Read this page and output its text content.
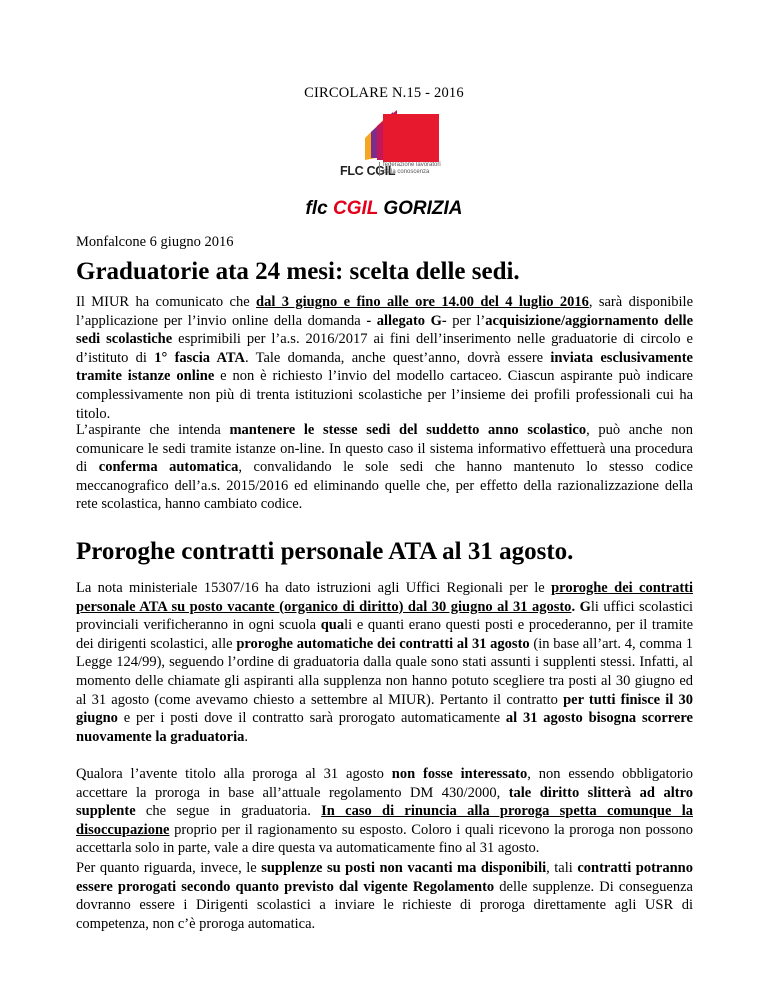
CIRCOLARE N.15 - 2016
FLC CGIL
federazione lavoratori
della conoscenza
flc CGIL GORIZIA
Monfalcone 6 giugno 2016
Graduatorie ata 24 mesi: scelta delle sedi.

Il MIUR ha comunicato che dal 3 giugno e fino alle ore 14.00 del 4 luglio 2016, sarà disponibile l’applicazione per l’invio online della domanda - allegato G- per l’acquisizione/aggiornamento delle sedi scolastiche esprimibili per l’a.s. 2016/2017 ai fini dell’inserimento nelle graduatorie di circolo e d’istituto di 1° fascia ATA. Tale domanda, anche quest’anno, dovrà essere inviata esclusivamente tramite istanze online e non è richiesto l’invio del modello cartaceo. Ciascun aspirante può indicare complessivamente non più di trenta istituzioni scolastiche per l’insieme dei profili professionali cui ha titolo.

L’aspirante che intenda mantenere le stesse sedi del suddetto anno scolastico, può anche non comunicare le sedi tramite istanze on-line. In questo caso il sistema informativo effettuerà una procedura di conferma automatica, convalidando le sole sedi che hanno mantenuto lo stesso codice meccanografico dell’a.s. 2015/2016 ed eliminando quelle che, per effetto della razionalizzazione della rete scolastica, hanno cambiato codice.

Proroghe contratti personale ATA al 31 agosto.

La nota ministeriale 15307/16 ha dato istruzioni agli Uffici Regionali per le proroghe dei contratti personale ATA su posto vacante (organico di diritto) dal 30 giugno al 31 agosto. Gli uffici scolastici provinciali verificheranno in ogni scuola quali e quanti erano questi posti e procederanno, per il tramite dei dirigenti scolastici, alle proroghe automatiche dei contratti al 31 agosto (in base all’art. 4, comma 1 Legge 124/99), seguendo l’ordine di graduatoria dalla quale sono stati assunti i supplenti stessi. Infatti, al momento delle chiamate gli aspiranti alla supplenza non hanno potuto scegliere tra posti al 30 giugno ed al 31 agosto (come avevamo chiesto a settembre al MIUR). Pertanto il contratto per tutti finisce il 30 giugno e per i posti dove il contratto sarà prorogato automaticamente al 31 agosto bisogna scorrere nuovamente la graduatoria.

Qualora l’avente titolo alla proroga al 31 agosto non fosse interessato, non essendo obbligatorio accettare la proroga in base all’attuale regolamento DM 430/2000, tale diritto slitterà ad altro supplente che segue in graduatoria. In caso di rinuncia alla proroga spetta comunque la disoccupazione proprio per il ragionamento su esposto. Coloro i quali ricevono la proroga non possono accettarla solo in parte, vale a dire questa va automaticamente fino al 31 agosto.

Per quanto riguarda, invece, le supplenze su posti non vacanti ma disponibili, tali contratti potranno essere prorogati secondo quanto previsto dal vigente Regolamento delle supplenze. Di conseguenza dovranno essere i Dirigenti scolastici a inviare le richieste di proroga direttamente agli USR di competenza, non c’è proroga automatica.
